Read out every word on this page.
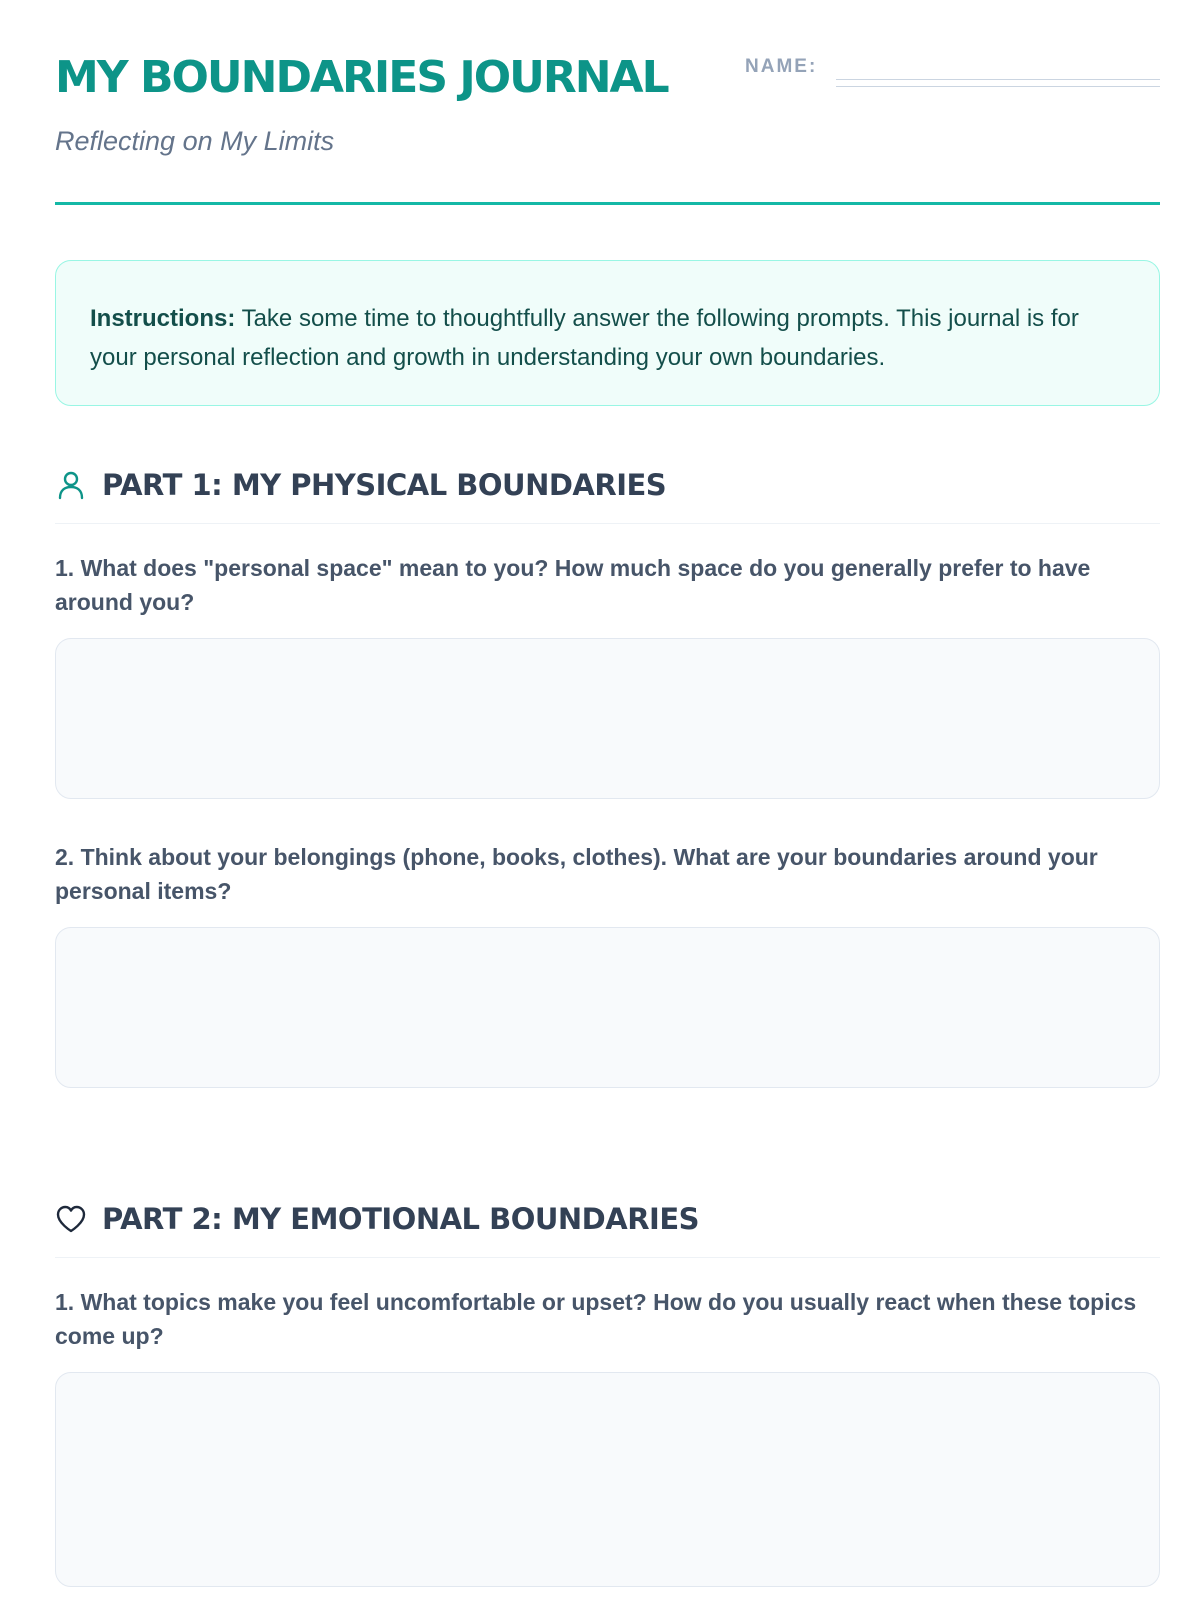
MY BOUNDARIES JOURNAL	NAME:

Reflecting on My Limits

Instructions: Take some time to thoughtfully answer the following prompts. This journal is for your personal reflection and growth in understanding your own boundaries.
PART 1: MY PHYSICAL BOUNDARIES

1. What does "personal space" mean to you? How much space do you generally prefer to have around you?

2. Think about your belongings (phone, books, clothes). What are your boundaries around your personal items?

PART 2: MY EMOTIONAL BOUNDARIES

1. What topics make you feel uncomfortable or upset? How do you usually react when these topics come up?
